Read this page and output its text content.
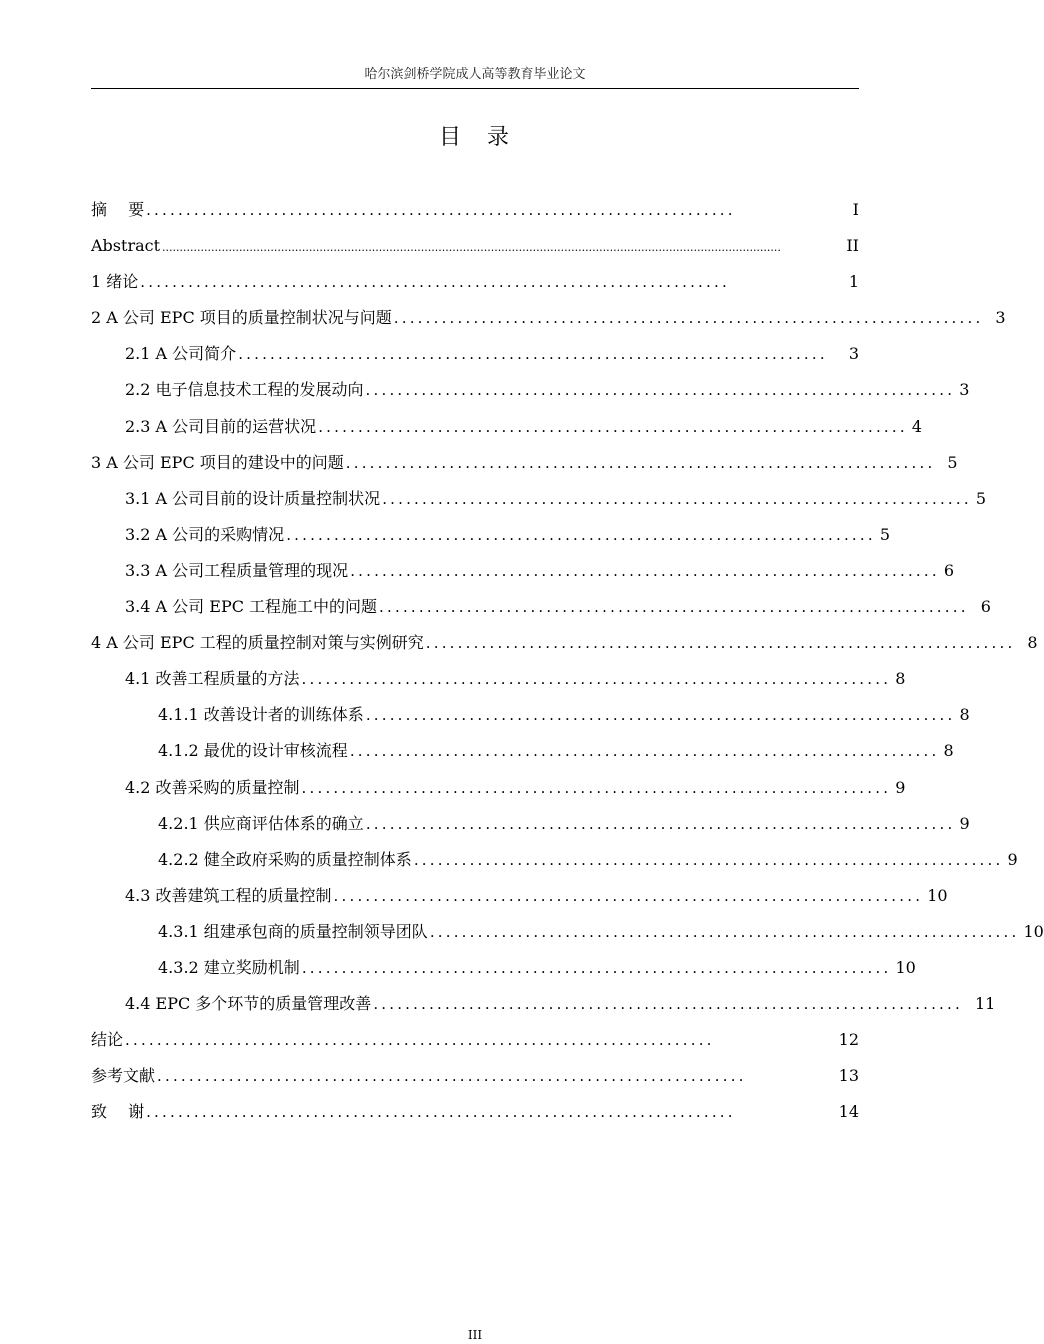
哈尔滨剑桥学院成人高等教育毕业论文
目 录
摘　 要 ..........................................................................	I
Abstract .................................................................................................................................................................................	II
1 绪论 ..........................................................................	1
2 A 公司 EPC 项目的质量控制状况与问题 .......................................................................... 3
2.1 A 公司简介 ..........................................................................	3
2.2 电子信息技术工程的发展动向 .......................................................................... 3
2.3 A 公司目前的运营状况 .......................................................................... 4
3 A 公司 EPC 项目的建设中的问题 .......................................................................... 5
3.1 A 公司目前的设计质量控制状况 .......................................................................... 5
3.2 A 公司的采购情况 .......................................................................... 5
3.3 A 公司工程质量管理的现况 .......................................................................... 6
3.4 A 公司 EPC 工程施工中的问题 .......................................................................... 6
4 A 公司 EPC 工程的质量控制对策与实例研究 .......................................................................... 8
4.1 改善工程质量的方法 .......................................................................... 8
4.1.1 改善设计者的训练体系 .......................................................................... 8
4.1.2 最优的设计审核流程 .......................................................................... 8
4.2 改善采购的质量控制 .......................................................................... 9
4.2.1 供应商评估体系的确立 .......................................................................... 9
4.2.2 健全政府采购的质量控制体系 .......................................................................... 9
4.3 改善建筑工程的质量控制 .......................................................................... 10
4.3.1 组建承包商的质量控制领导团队 .......................................................................... 10
4.3.2 建立奖励机制 .......................................................................... 10
4.4 EPC 多个环节的质量管理改善 .......................................................................... 11
结论 ..........................................................................	12
参考文献 ..........................................................................	13
致　 谢 ..........................................................................	14
III
